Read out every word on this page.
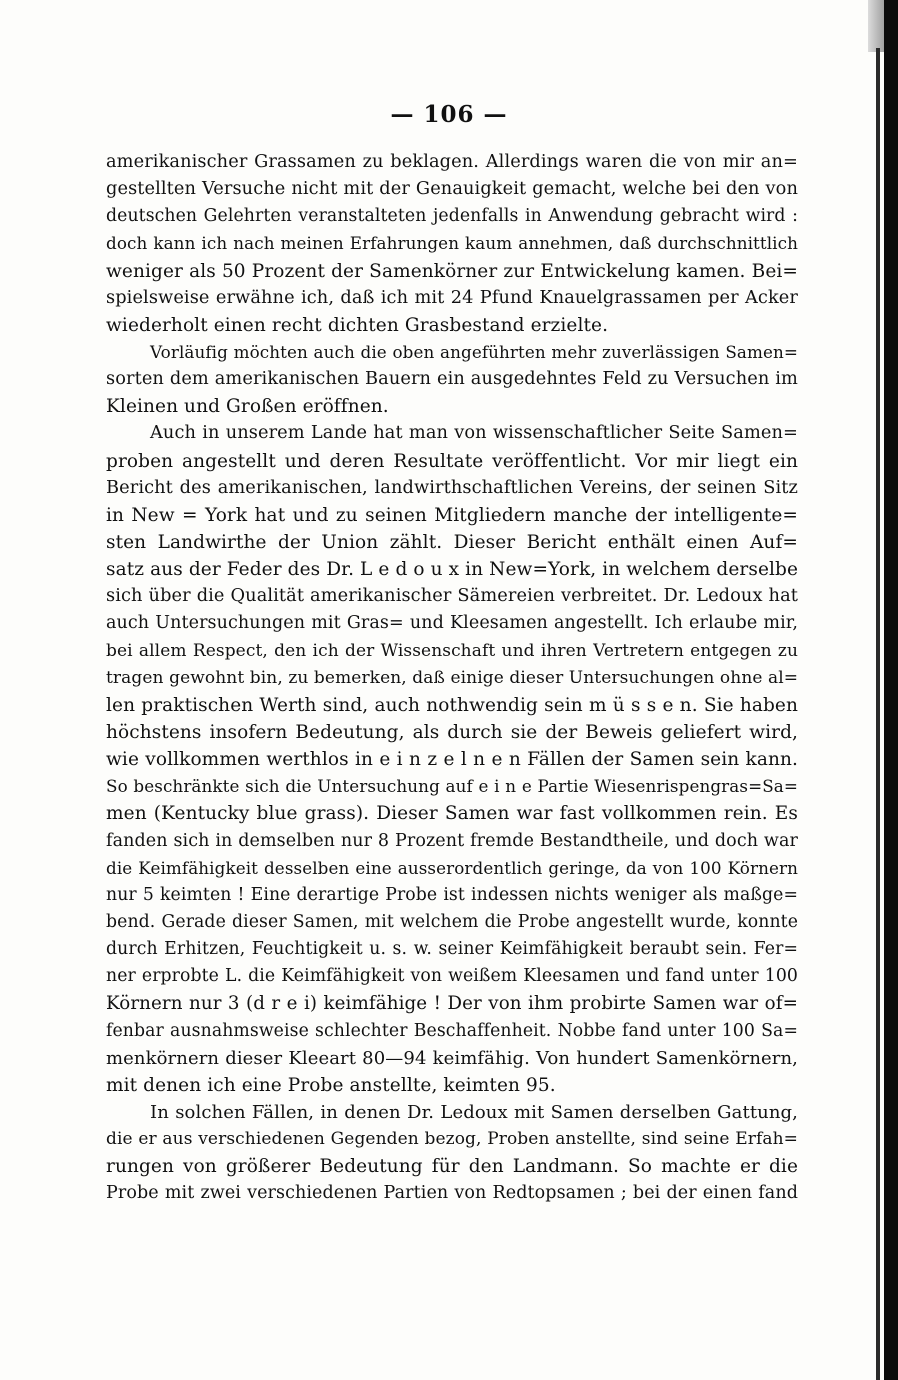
— 106 —
amerikanischer Grassamen zu beklagen. Allerdings waren die von mir an=
gestellten Versuche nicht mit der Genauigkeit gemacht, welche bei den von
deutschen Gelehrten veranstalteten jedenfalls in Anwendung gebracht wird :
doch kann ich nach meinen Erfahrungen kaum annehmen, daß durchschnittlich
weniger als 50 Prozent der Samenkörner zur Entwickelung kamen. Bei=
spielsweise erwähne ich, daß ich mit 24 Pfund Knauelgrassamen per Acker
wiederholt einen recht dichten Grasbestand erzielte.
Vorläufig möchten auch die oben angeführten mehr zuverlässigen Samen=
sorten dem amerikanischen Bauern ein ausgedehntes Feld zu Versuchen im
Kleinen und Großen eröffnen.
Auch in unserem Lande hat man von wissenschaftlicher Seite Samen=
proben angestellt und deren Resultate veröffentlicht. Vor mir liegt ein
Bericht des amerikanischen, landwirthschaftlichen Vereins, der seinen Sitz
in New = York hat und zu seinen Mitgliedern manche der intelligente=
sten Landwirthe der Union zählt. Dieser Bericht enthält einen Auf=
satz aus der Feder des Dr. L e d o u x in New=York, in welchem derselbe
sich über die Qualität amerikanischer Sämereien verbreitet. Dr. Ledoux hat
auch Untersuchungen mit Gras= und Kleesamen angestellt. Ich erlaube mir,
bei allem Respect, den ich der Wissenschaft und ihren Vertretern entgegen zu
tragen gewohnt bin, zu bemerken, daß einige dieser Untersuchungen ohne al=
len praktischen Werth sind, auch nothwendig sein m ü s s e n. Sie haben
höchstens insofern Bedeutung, als durch sie der Beweis geliefert wird,
wie vollkommen werthlos in e i n z e l n e n Fällen der Samen sein kann.
So beschränkte sich die Untersuchung auf e i n e Partie Wiesenrispengras=Sa=
men (Kentucky blue grass). Dieser Samen war fast vollkommen rein. Es
fanden sich in demselben nur 8 Prozent fremde Bestandtheile, und doch war
die Keimfähigkeit desselben eine ausserordentlich geringe, da von 100 Körnern
nur 5 keimten ! Eine derartige Probe ist indessen nichts weniger als maßge=
bend. Gerade dieser Samen, mit welchem die Probe angestellt wurde, konnte
durch Erhitzen, Feuchtigkeit u. s. w. seiner Keimfähigkeit beraubt sein. Fer=
ner erprobte L. die Keimfähigkeit von weißem Kleesamen und fand unter 100
Körnern nur 3 (d r e i) keimfähige ! Der von ihm probirte Samen war of=
fenbar ausnahmsweise schlechter Beschaffenheit. Nobbe fand unter 100 Sa=
menkörnern dieser Kleeart 80—94 keimfähig. Von hundert Samenkörnern,
mit denen ich eine Probe anstellte, keimten 95.
In solchen Fällen, in denen Dr. Ledoux mit Samen derselben Gattung,
die er aus verschiedenen Gegenden bezog, Proben anstellte, sind seine Erfah=
rungen von größerer Bedeutung für den Landmann. So machte er die
Probe mit zwei verschiedenen Partien von Redtopsamen ; bei der einen fand
